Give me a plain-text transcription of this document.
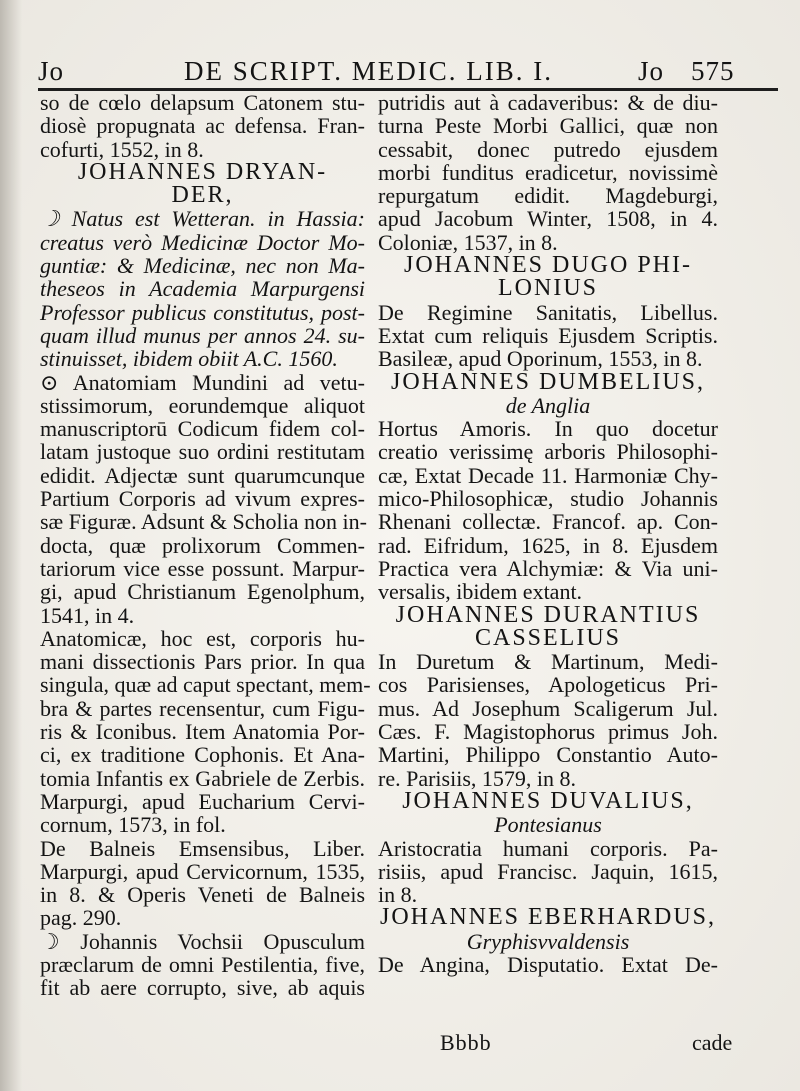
Jo	DE SCRIPT. MEDIC. LIB. I.	Jo 575
so de cœlo delapsum Catonem stu-
diosè propugnata ac defensa. Fran-
cofurti, 1552, in 8.
JOHANNES DRYAN-
DER,
☽ Natus est Wetteran. in Hassia:
creatus verò Medicinæ Doctor Mo-
guntiæ: & Medicinæ, nec non Ma-
theseos in Academia Marpurgensi
Professor publicus constitutus, post-
quam illud munus per annos 24. su-
stinuisset, ibidem obiit A.C. 1560.
⊙ Anatomiam Mundini ad vetu-
stissimorum, eorundemque aliquot
manuscriptorū Codicum fidem col-
latam justoque suo ordini restitutam
edidit. Adjectæ sunt quarumcunque
Partium Corporis ad vivum expres-
sæ Figuræ. Adsunt & Scholia non in-
docta, quæ prolixorum Commen-
tariorum vice esse possunt. Marpur-
gi, apud Christianum Egenolphum,
1541, in 4.
Anatomicæ, hoc est, corporis hu-
mani dissectionis Pars prior. In qua
singula, quæ ad caput spectant, mem-
bra & partes recensentur, cum Figu-
ris & Iconibus. Item Anatomia Por-
ci, ex traditione Cophonis. Et Ana-
tomia Infantis ex Gabriele de Zerbis.
Marpurgi, apud Eucharium Cervi-
cornum, 1573, in fol.
De Balneis Emsensibus, Liber.
Marpurgi, apud Cervicornum, 1535,
in 8. & Operis Veneti de Balneis
pag. 290.
☽ Johannis Vochsii Opusculum
præclarum de omni Pestilentia, five,
fit ab aere corrupto, sive, ab aquis
putridis aut à cadaveribus: & de diu-
turna Peste Morbi Gallici, quæ non
cessabit, donec putredo ejusdem
morbi funditus eradicetur, novissimè
repurgatum edidit. Magdeburgi,
apud Jacobum Winter, 1508, in 4.
Coloniæ, 1537, in 8.
JOHANNES DUGO PHI-
LONIUS
De Regimine Sanitatis, Libellus.
Extat cum reliquis Ejusdem Scriptis.
Basileæ, apud Oporinum, 1553, in 8.
JOHANNES DUMBELIUS,
de Anglia
Hortus Amoris. In quo docetur
creatio verissimę arboris Philosophi-
cæ, Extat Decade 11. Harmoniæ Chy-
mico-Philosophicæ, studio Johannis
Rhenani collectæ. Francof. ap. Con-
rad. Eifridum, 1625, in 8. Ejusdem
Practica vera Alchymiæ: & Via uni-
versalis, ibidem extant.
JOHANNES DURANTIUS
CASSELIUS
In Duretum & Martinum, Medi-
cos Parisienses, Apologeticus Pri-
mus. Ad Josephum Scaligerum Jul.
Cæs. F. Magistophorus primus Joh.
Martini, Philippo Constantio Auto-
re. Parisiis, 1579, in 8.
JOHANNES DUVALIUS,
Pontesianus
Aristocratia humani corporis. Pa-
risiis, apud Francisc. Jaquin, 1615,
in 8.
JOHANNES EBERHARDUS,
Gryphisvvaldensis
De Angina, Disputatio. Extat De-
Bbbb	cade
